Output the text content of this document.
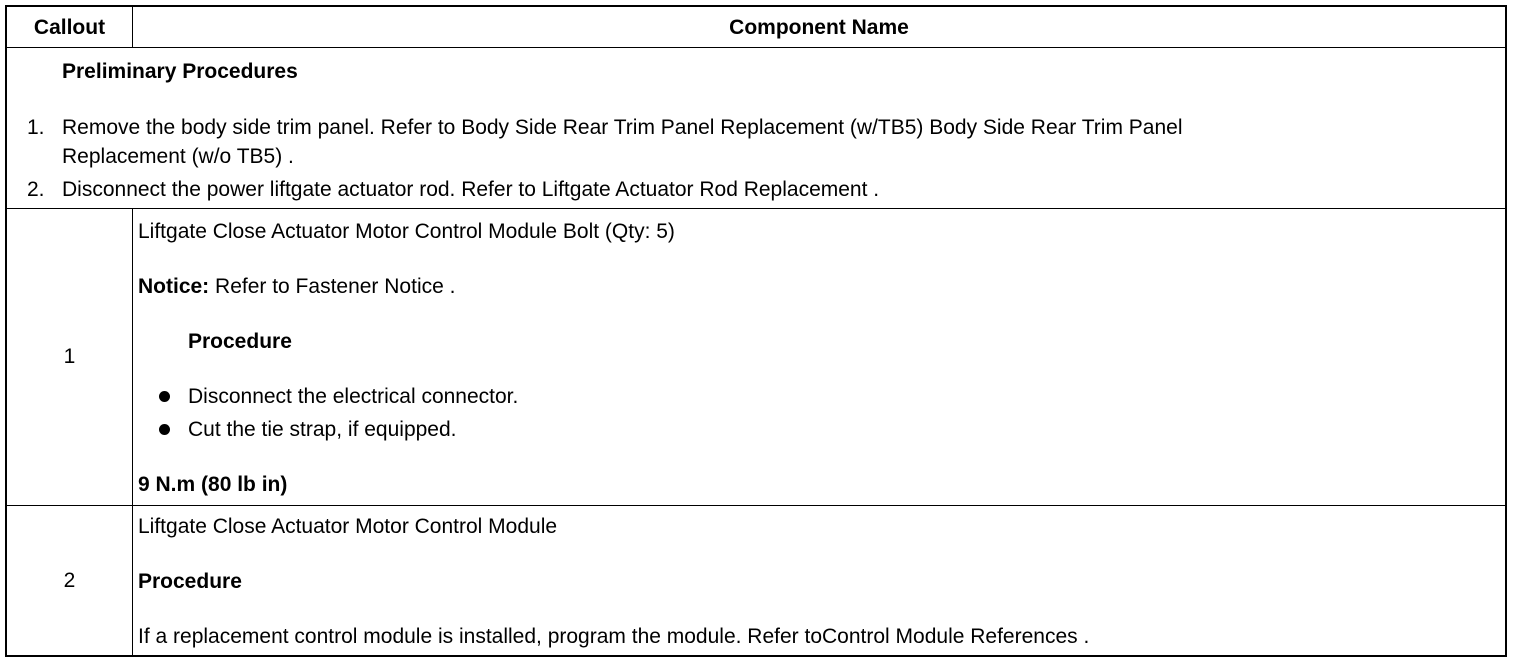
Callout	Component Name
Preliminary Procedures
1. Remove the body side trim panel. Refer to Body Side Rear Trim Panel Replacement (w/TB5) Body Side Rear Trim Panel
Replacement (w/o TB5) .
2. Disconnect the power liftgate actuator rod. Refer to Liftgate Actuator Rod Replacement .
1
Liftgate Close Actuator Motor Control Module Bolt (Qty: 5)
Notice: Refer to Fastener Notice .
Procedure
Disconnect the electrical connector.
Cut the tie strap, if equipped.
9 N.m (80 lb in)
2
Liftgate Close Actuator Motor Control Module
Procedure
If a replacement control module is installed, program the module. Refer toControl Module References .
